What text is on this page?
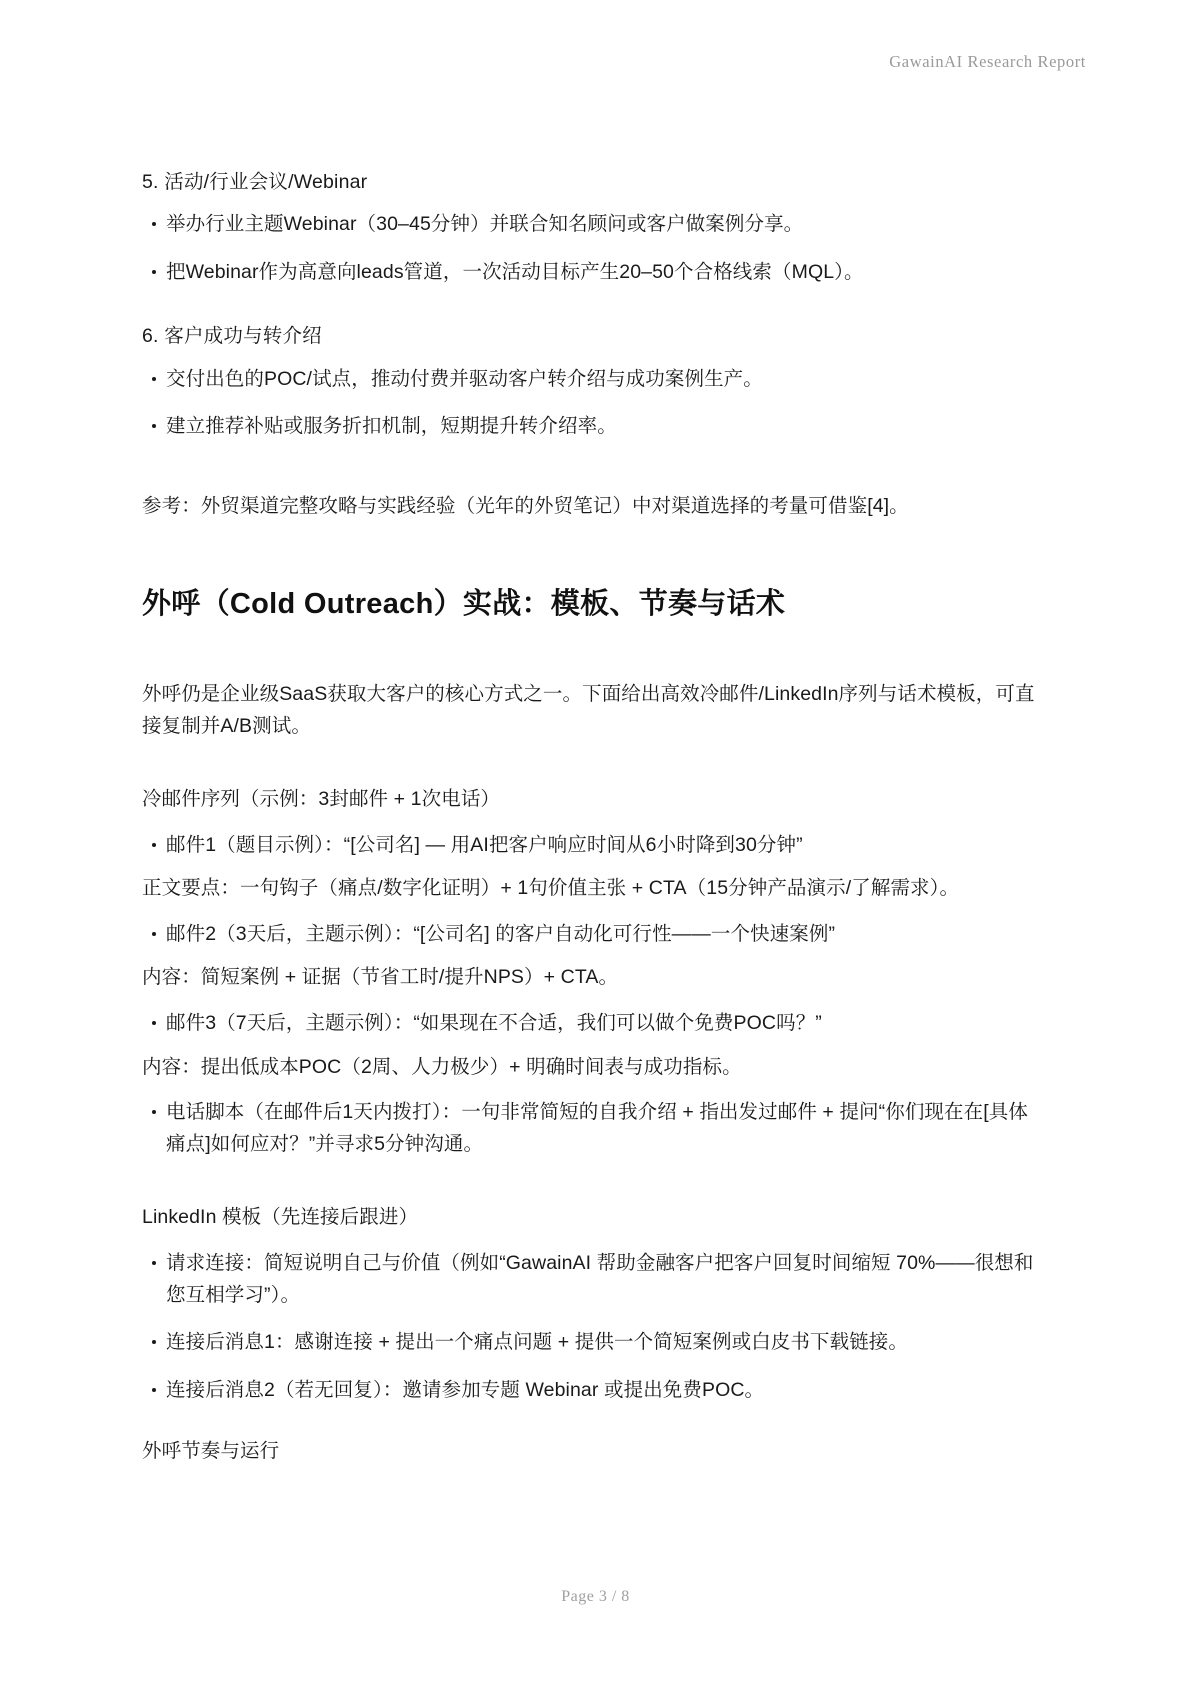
GawainAI Research Report
5. 活动/行业会议/Webinar
举办行业主题Webinar（30–45分钟）并联合知名顾问或客户做案例分享。
把Webinar作为高意向leads管道，一次活动目标产生20–50个合格线索（MQL）。
6. 客户成功与转介绍
交付出色的POC/试点，推动付费并驱动客户转介绍与成功案例生产。
建立推荐补贴或服务折扣机制，短期提升转介绍率。

参考：外贸渠道完整攻略与实践经验（光年的外贸笔记）中对渠道选择的考量可借鉴[4]。

外呼（Cold Outreach）实战：模板、节奏与话术

外呼仍是企业级SaaS获取大客户的核心方式之一。下面给出高效冷邮件/LinkedIn序列与话术模板，可直接复制并A/B测试。

冷邮件序列（示例：3封邮件 + 1次电话）
邮件1（题目示例）：“[公司名] — 用AI把客户响应时间从6小时降到30分钟”
正文要点：一句钩子（痛点/数字化证明）+ 1句价值主张 + CTA（15分钟产品演示/了解需求）。
邮件2（3天后，主题示例）：“[公司名] 的客户自动化可行性——一个快速案例”
内容：简短案例 + 证据（节省工时/提升NPS）+ CTA。
邮件3（7天后，主题示例）：“如果现在不合适，我们可以做个免费POC吗？”
内容：提出低成本POC（2周、人力极少）+ 明确时间表与成功指标。
电话脚本（在邮件后1天内拨打）：一句非常简短的自我介绍 + 指出发过邮件 + 提问“你们现在在[具体痛点]如何应对？”并寻求5分钟沟通。
LinkedIn 模板（先连接后跟进）
请求连接：简短说明自己与价值（例如“GawainAI 帮助金融客户把客户回复时间缩短 70%——很想和您互相学习”）。
连接后消息1：感谢连接 + 提出一个痛点问题 + 提供一个简短案例或白皮书下载链接。
连接后消息2（若无回复）：邀请参加专题 Webinar 或提出免费POC。
外呼节奏与运行
Page 3 / 8
